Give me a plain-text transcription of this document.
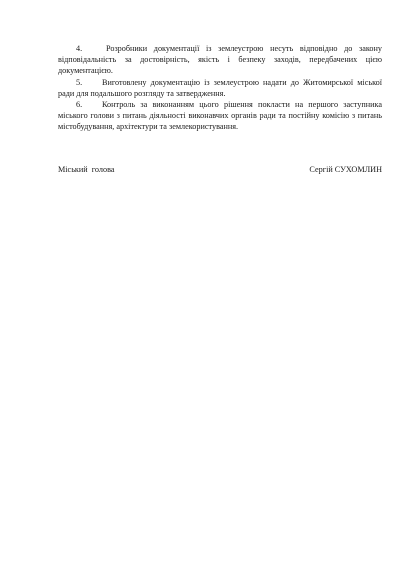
4.	Розробники документації із землеустрою несуть відповідно до закону відповідальність за достовірність, якість і безпеку заходів, передбачених цією документацією.

5. Виготовлену документацію із землеустрою надати до Житомирської міської ради для подальшого розгляду та затвердження.

6. Контроль за виконанням цього рішення покласти на першого заступника міського голови з питань діяльності виконавчих органів ради та постійну комісію з питань містобудування, архітектури та землекористування.

Міський  голова	Сергій СУХОМЛИН
